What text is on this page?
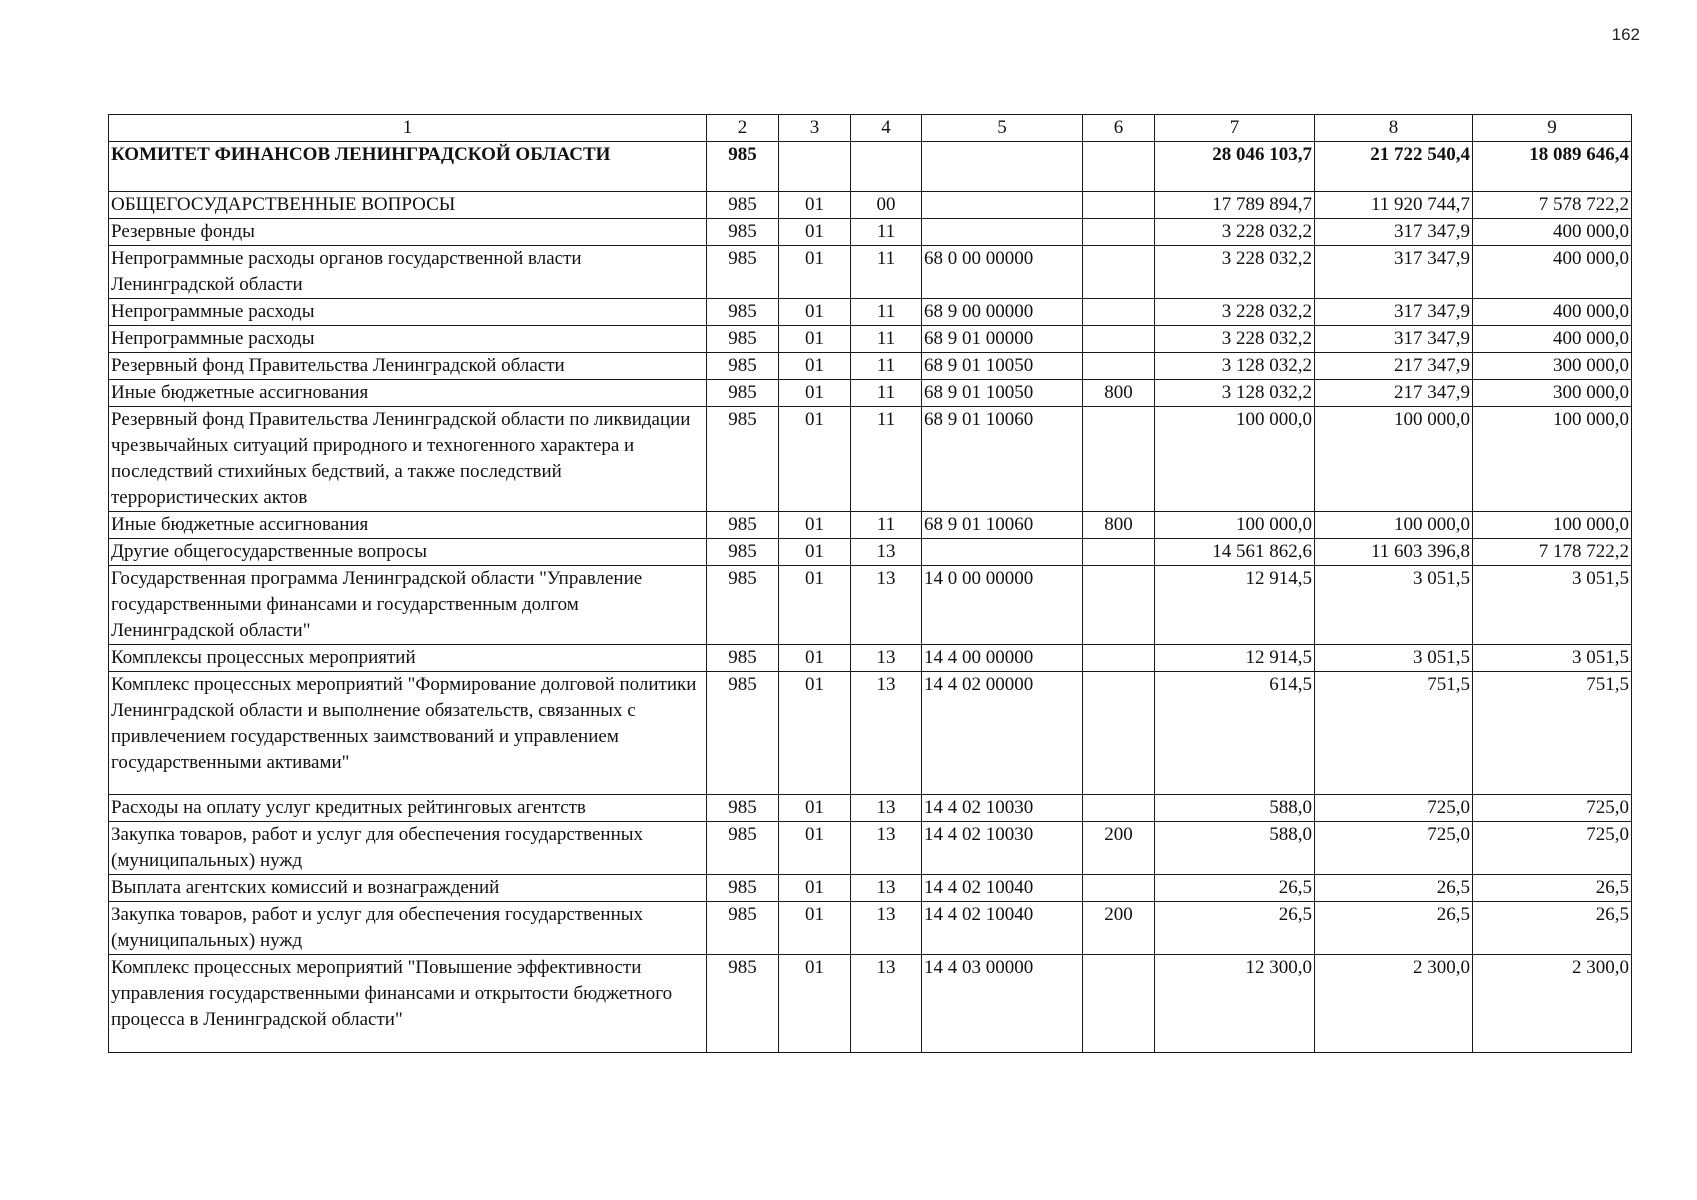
162
1	2	3	4	5	6	7	8	9
КОМИТЕТ ФИНАНСОВ ЛЕНИНГРАДСКОЙ ОБЛАСТИ	985					28 046 103,7	21 722 540,4	18 089 646,4
ОБЩЕГОСУДАРСТВЕННЫЕ ВОПРОСЫ	985	01	00			17 789 894,7	11 920 744,7	7 578 722,2
Резервные фонды	985	01	11			3 228 032,2	317 347,9	400 000,0
Непрограммные расходы органов государственной власти Ленинградской области	985	01	11	68 0 00 00000		3 228 032,2	317 347,9	400 000,0
Непрограммные расходы	985	01	11	68 9 00 00000		3 228 032,2	317 347,9	400 000,0
Непрограммные расходы	985	01	11	68 9 01 00000		3 228 032,2	317 347,9	400 000,0
Резервный фонд Правительства Ленинградской области	985	01	11	68 9 01 10050		3 128 032,2	217 347,9	300 000,0
Иные бюджетные ассигнования	985	01	11	68 9 01 10050	800	3 128 032,2	217 347,9	300 000,0
Резервный фонд Правительства Ленинградской области по ликвидации чрезвычайных ситуаций природного и техногенного характера и последствий стихийных бедствий, а также последствий террористических актов	985	01	11	68 9 01 10060		100 000,0	100 000,0	100 000,0
Иные бюджетные ассигнования	985	01	11	68 9 01 10060	800	100 000,0	100 000,0	100 000,0
Другие общегосударственные вопросы	985	01	13			14 561 862,6	11 603 396,8	7 178 722,2
Государственная программа Ленинградской области "Управление государственными финансами и государственным долгом Ленинградской области"	985	01	13	14 0 00 00000		12 914,5	3 051,5	3 051,5
Комплексы процессных мероприятий	985	01	13	14 4 00 00000		12 914,5	3 051,5	3 051,5
Комплекс процессных мероприятий "Формирование долговой политики Ленинградской области и выполнение обязательств, связанных с привлечением государственных заимствований и управлением государственными активами"	985	01	13	14 4 02 00000		614,5	751,5	751,5
Расходы на оплату услуг кредитных рейтинговых агентств	985	01	13	14 4 02 10030		588,0	725,0	725,0
Закупка товаров, работ и услуг для обеспечения государственных (муниципальных) нужд	985	01	13	14 4 02 10030	200	588,0	725,0	725,0
Выплата агентских комиссий и вознаграждений	985	01	13	14 4 02 10040		26,5	26,5	26,5
Закупка товаров, работ и услуг для обеспечения государственных (муниципальных) нужд	985	01	13	14 4 02 10040	200	26,5	26,5	26,5
Комплекс процессных мероприятий "Повышение эффективности управления государственными финансами и открытости бюджетного процесса в Ленинградской области"	985	01	13	14 4 03 00000		12 300,0	2 300,0	2 300,0
